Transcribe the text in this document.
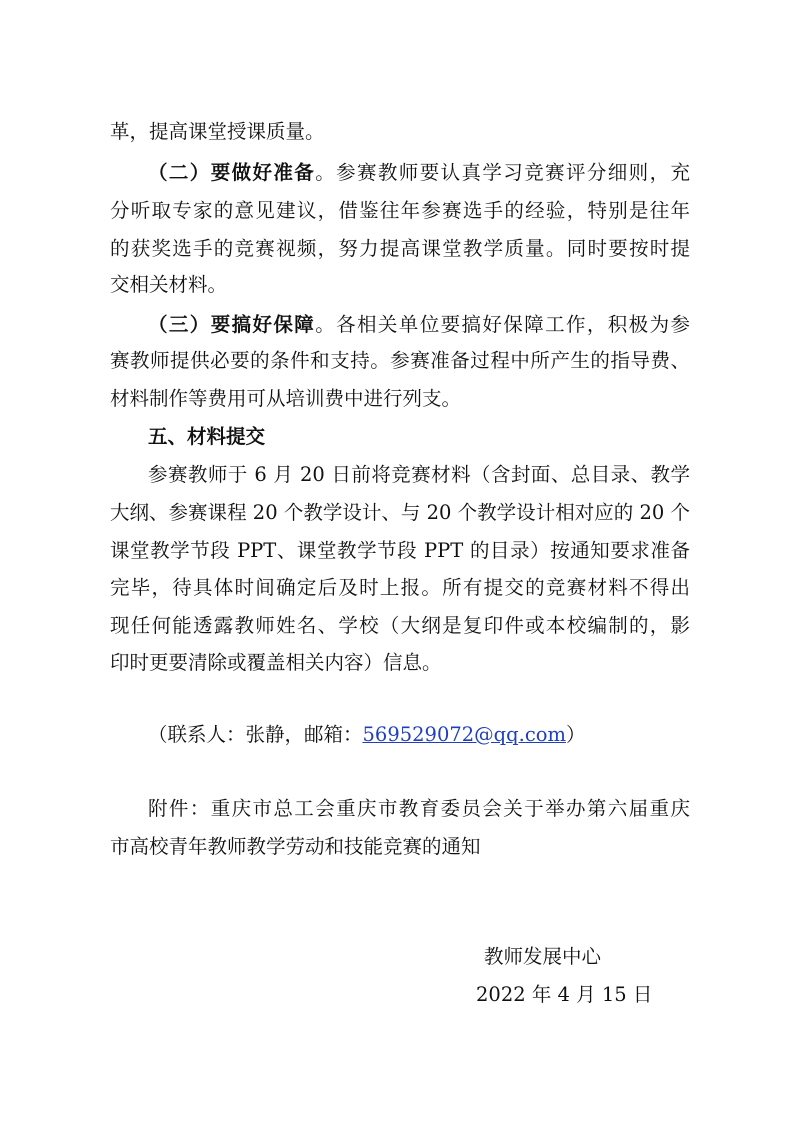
革，提高课堂授课质量。
（二）要做好准备。参赛教师要认真学习竞赛评分细则，充
分听取专家的意见建议，借鉴往年参赛选手的经验，特别是往年
的获奖选手的竞赛视频，努力提高课堂教学质量。同时要按时提
交相关材料。
（三）要搞好保障。各相关单位要搞好保障工作，积极为参
赛教师提供必要的条件和支持。参赛准备过程中所产生的指导费、
材料制作等费用可从培训费中进行列支。
五、材料提交
参赛教师于 6 月 20 日前将竞赛材料（含封面、总目录、教学
大纲、参赛课程 20 个教学设计、与 20 个教学设计相对应的 20 个
课堂教学节段 PPT、课堂教学节段 PPT 的目录）按通知要求准备
完毕，待具体时间确定后及时上报。所有提交的竞赛材料不得出
现任何能透露教师姓名、学校（大纲是复印件或本校编制的，影
印时更要清除或覆盖相关内容）信息。
（联系人：张静，邮箱：569529072@qq.com）
附件：重庆市总工会重庆市教育委员会关于举办第六届重庆
市高校青年教师教学劳动和技能竞赛的通知
教师发展中心
2022 年 4 月 15 日
